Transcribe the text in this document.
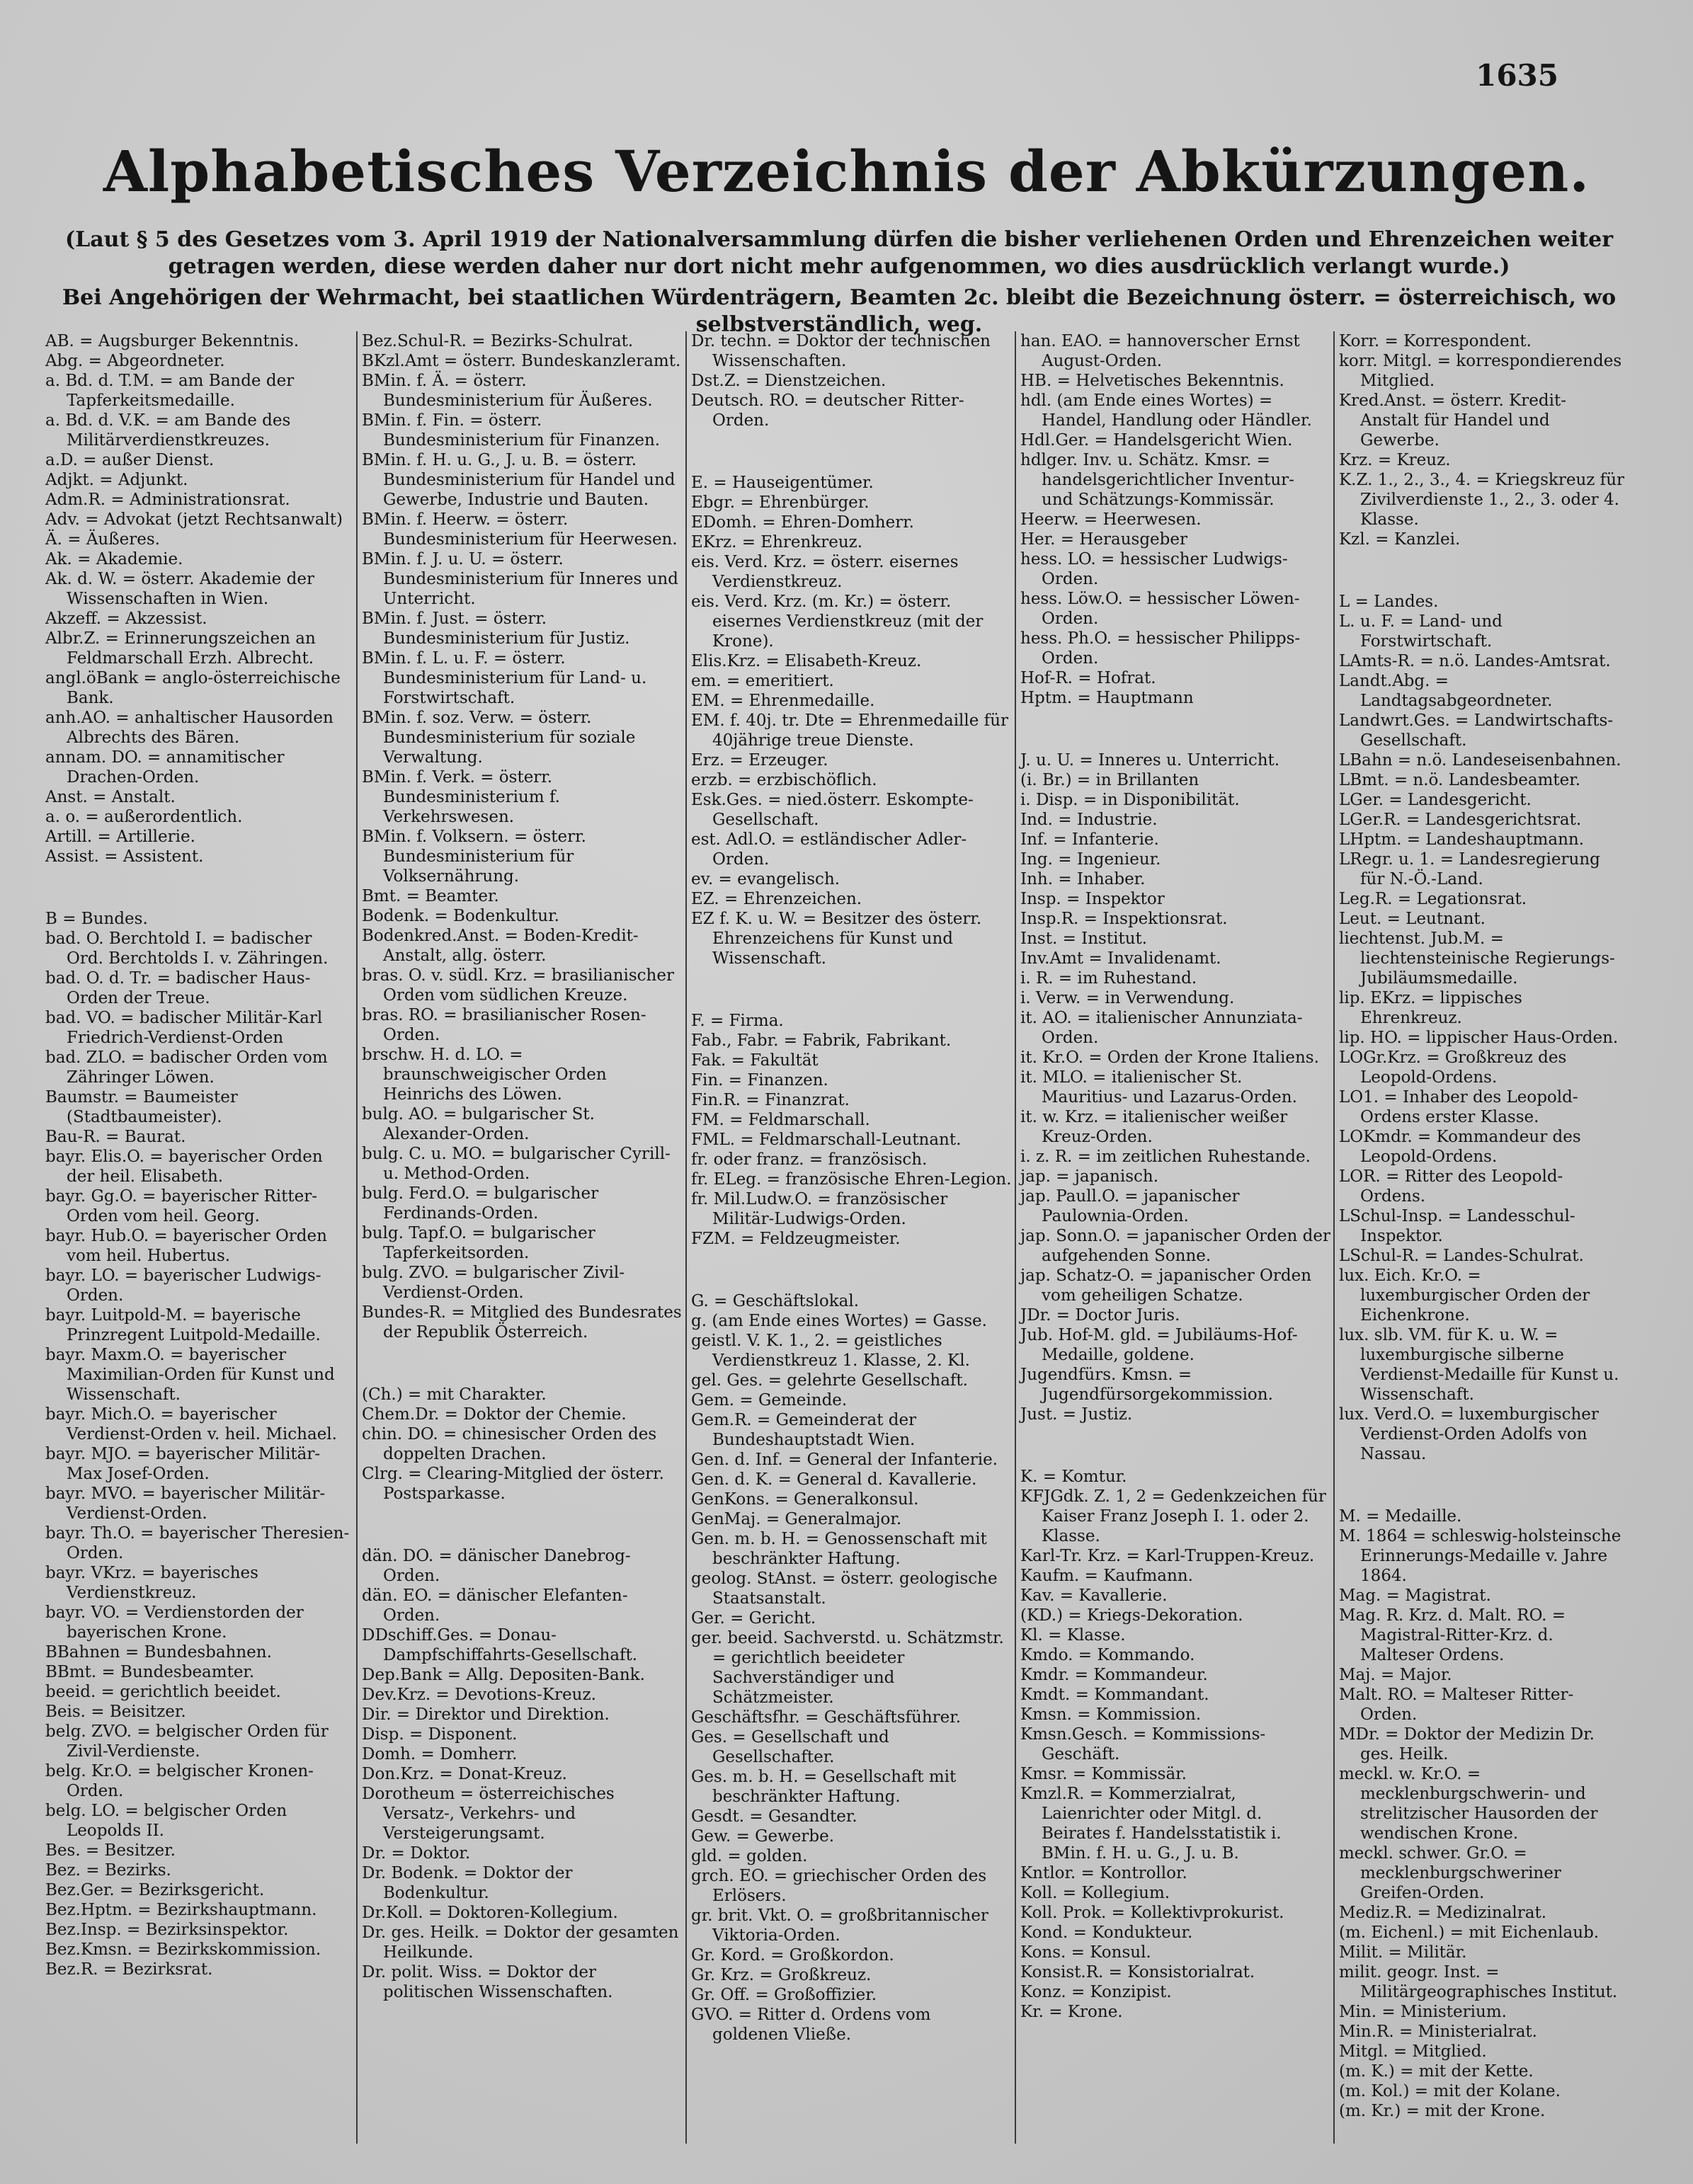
1635
Alphabetisches Verzeichnis der Abkürzungen.

(Laut § 5 des Gesetzes vom 3. April 1919 der Nationalversammlung dürfen die bisher verliehenen Orden und Ehrenzeichen weiter getragen werden, diese werden daher nur dort nicht mehr aufgenommen, wo dies ausdrücklich verlangt wurde.)

Bei Angehörigen der Wehrmacht, bei staatlichen Würdenträgern, Beamten 2c. bleibt die Bezeichnung österr. = österreichisch, wo selbstverständlich, weg.

AB. = Augsburger Bekenntnis.

Abg. = Abgeordneter.

a. Bd. d. T.M. = am Bande der Tapferkeitsmedaille.

a. Bd. d. V.K. = am Bande des Militärverdienstkreuzes.

a.D. = außer Dienst.

Adjkt. = Adjunkt.

Adm.R. = Administrationsrat.

Adv. = Advokat (jetzt Rechtsanwalt)

Ä. = Äußeres.

Ak. = Akademie.

Ak. d. W. = österr. Akademie der Wissenschaften in Wien.

Akzeff. = Akzessist.

Albr.Z. = Erinnerungszeichen an Feldmarschall Erzh. Albrecht.

angl.öBank = anglo-österreichische Bank.

anh.AO. = anhaltischer Hausorden Albrechts des Bären.

annam. DO. = annamitischer Drachen-Orden.

Anst. = Anstalt.

a. o. = außerordentlich.

Artill. = Artillerie.

Assist. = Assistent.

B = Bundes.

bad. O. Berchtold I. = badischer Ord. Berchtolds I. v. Zähringen.

bad. O. d. Tr. = badischer Haus-Orden der Treue.

bad. VO. = badischer Militär-Karl Friedrich-Verdienst-Orden

bad. ZLO. = badischer Orden vom Zähringer Löwen.

Baumstr. = Baumeister (Stadtbaumeister).

Bau-R. = Baurat.

bayr. Elis.O. = bayerischer Orden der heil. Elisabeth.

bayr. Gg.O. = bayerischer Ritter-Orden vom heil. Georg.

bayr. Hub.O. = bayerischer Orden vom heil. Hubertus.

bayr. LO. = bayerischer Ludwigs-Orden.

bayr. Luitpold-M. = bayerische Prinzregent Luitpold-Medaille.

bayr. Maxm.O. = bayerischer Maximilian-Orden für Kunst und Wissenschaft.

bayr. Mich.O. = bayerischer Verdienst-Orden v. heil. Michael.

bayr. MJO. = bayerischer Militär-Max Josef-Orden.

bayr. MVO. = bayerischer Militär-Verdienst-Orden.

bayr. Th.O. = bayerischer Theresien-Orden.

bayr. VKrz. = bayerisches Verdienstkreuz.

bayr. VO. = Verdienstorden der bayerischen Krone.

BBahnen = Bundesbahnen.

BBmt. = Bundesbeamter.

beeid. = gerichtlich beeidet.

Beis. = Beisitzer.

belg. ZVO. = belgischer Orden für Zivil-Verdienste.

belg. Kr.O. = belgischer Kronen-Orden.

belg. LO. = belgischer Orden Leopolds II.

Bes. = Besitzer.

Bez. = Bezirks.

Bez.Ger. = Bezirksgericht.

Bez.Hptm. = Bezirkshauptmann.

Bez.Insp. = Bezirksinspektor.

Bez.Kmsn. = Bezirkskommission.

Bez.R. = Bezirksrat.

Bez.Schul-R. = Bezirks-Schulrat.

BKzl.Amt = österr. Bundeskanzleramt.

BMin. f. Ä. = österr. Bundesministerium für Äußeres.

BMin. f. Fin. = österr. Bundesministerium für Finanzen.

BMin. f. H. u. G., J. u. B. = österr. Bundesministerium für Handel und Gewerbe, Industrie und Bauten.

BMin. f. Heerw. = österr. Bundesministerium für Heerwesen.

BMin. f. J. u. U. = österr. Bundesministerium für Inneres und Unterricht.

BMin. f. Just. = österr. Bundesministerium für Justiz.

BMin. f. L. u. F. = österr. Bundesministerium für Land- u. Forstwirtschaft.

BMin. f. soz. Verw. = österr. Bundesministerium für soziale Verwaltung.

BMin. f. Verk. = österr. Bundesministerium f. Verkehrswesen.

BMin. f. Volksern. = österr. Bundesministerium für Volksernährung.

Bmt. = Beamter.

Bodenk. = Bodenkultur.

Bodenkred.Anst. = Boden-Kredit-Anstalt, allg. österr.

bras. O. v. südl. Krz. = brasilianischer Orden vom südlichen Kreuze.

bras. RO. = brasilianischer Rosen-Orden.

brschw. H. d. LO. = braunschweigischer Orden Heinrichs des Löwen.

bulg. AO. = bulgarischer St. Alexander-Orden.

bulg. C. u. MO. = bulgarischer Cyrill- u. Method-Orden.

bulg. Ferd.O. = bulgarischer Ferdinands-Orden.

bulg. Tapf.O. = bulgarischer Tapferkeitsorden.

bulg. ZVO. = bulgarischer Zivil-Verdienst-Orden.

Bundes-R. = Mitglied des Bundesrates der Republik Österreich.

(Ch.) = mit Charakter.

Chem.Dr. = Doktor der Chemie.

chin. DO. = chinesischer Orden des doppelten Drachen.

Clrg. = Clearing-Mitglied der österr. Postsparkasse.

dän. DO. = dänischer Danebrog-Orden.

dän. EO. = dänischer Elefanten-Orden.

DDschiff.Ges. = Donau-Dampfschiffahrts-Gesellschaft.

Dep.Bank = Allg. Depositen-Bank.

Dev.Krz. = Devotions-Kreuz.

Dir. = Direktor und Direktion.

Disp. = Disponent.

Domh. = Domherr.

Don.Krz. = Donat-Kreuz.

Dorotheum = österreichisches Versatz-, Verkehrs- und Versteigerungsamt.

Dr. = Doktor.

Dr. Bodenk. = Doktor der Bodenkultur.

Dr.Koll. = Doktoren-Kollegium.

Dr. ges. Heilk. = Doktor der gesamten Heilkunde.

Dr. polit. Wiss. = Doktor der politischen Wissenschaften.

Dr. techn. = Doktor der technischen Wissenschaften.

Dst.Z. = Dienstzeichen.

Deutsch. RO. = deutscher Ritter-Orden.

E. = Hauseigentümer.

Ebgr. = Ehrenbürger.

EDomh. = Ehren-Domherr.

EKrz. = Ehrenkreuz.

eis. Verd. Krz. = österr. eisernes Verdienstkreuz.

eis. Verd. Krz. (m. Kr.) = österr. eisernes Verdienstkreuz (mit der Krone).

Elis.Krz. = Elisabeth-Kreuz.

em. = emeritiert.

EM. = Ehrenmedaille.

EM. f. 40j. tr. Dte = Ehrenmedaille für 40jährige treue Dienste.

Erz. = Erzeuger.

erzb. = erzbischöflich.

Esk.Ges. = nied.österr. Eskompte-Gesellschaft.

est. Adl.O. = estländischer Adler-Orden.

ev. = evangelisch.

EZ. = Ehrenzeichen.

EZ f. K. u. W. = Besitzer des österr. Ehrenzeichens für Kunst und Wissenschaft.

F. = Firma.

Fab., Fabr. = Fabrik, Fabrikant.

Fak. = Fakultät

Fin. = Finanzen.

Fin.R. = Finanzrat.

FM. = Feldmarschall.

FML. = Feldmarschall-Leutnant.

fr. oder franz. = französisch.

fr. ELeg. = französische Ehren-Legion.

fr. Mil.Ludw.O. = französischer Militär-Ludwigs-Orden.

FZM. = Feldzeugmeister.

G. = Geschäftslokal.

g. (am Ende eines Wortes) = Gasse.

geistl. V. K. 1., 2. = geistliches Verdienstkreuz 1. Klasse, 2. Kl.

gel. Ges. = gelehrte Gesellschaft.

Gem. = Gemeinde.

Gem.R. = Gemeinderat der Bundeshauptstadt Wien.

Gen. d. Inf. = General der Infanterie.

Gen. d. K. = General d. Kavallerie.

GenKons. = Generalkonsul.

GenMaj. = Generalmajor.

Gen. m. b. H. = Genossenschaft mit beschränkter Haftung.

geolog. StAnst. = österr. geologische Staatsanstalt.

Ger. = Gericht.

ger. beeid. Sachverstd. u. Schätzmstr. = gerichtlich beeideter Sachverständiger und Schätzmeister.

Geschäftsfhr. = Geschäftsführer.

Ges. = Gesellschaft und Gesellschafter.

Ges. m. b. H. = Gesellschaft mit beschränkter Haftung.

Gesdt. = Gesandter.

Gew. = Gewerbe.

gld. = golden.

grch. EO. = griechischer Orden des Erlösers.

gr. brit. Vkt. O. = großbritannischer Viktoria-Orden.

Gr. Kord. = Großkordon.

Gr. Krz. = Großkreuz.

Gr. Off. = Großoffizier.

GVO. = Ritter d. Ordens vom goldenen Vließe.

han. EAO. = hannoverscher Ernst August-Orden.

HB. = Helvetisches Bekenntnis.

hdl. (am Ende eines Wortes) = Handel, Handlung oder Händler.

Hdl.Ger. = Handelsgericht Wien.

hdlger. Inv. u. Schätz. Kmsr. = handelsgerichtlicher Inventur- und Schätzungs-Kommissär.

Heerw. = Heerwesen.

Her. = Herausgeber

hess. LO. = hessischer Ludwigs-Orden.

hess. Löw.O. = hessischer Löwen-Orden.

hess. Ph.O. = hessischer Philipps-Orden.

Hof-R. = Hofrat.

Hptm. = Hauptmann

J. u. U. = Inneres u. Unterricht.

(i. Br.) = in Brillanten

i. Disp. = in Disponibilität.

Ind. = Industrie.

Inf. = Infanterie.

Ing. = Ingenieur.

Inh. = Inhaber.

Insp. = Inspektor

Insp.R. = Inspektionsrat.

Inst. = Institut.

Inv.Amt = Invalidenamt.

i. R. = im Ruhestand.

i. Verw. = in Verwendung.

it. AO. = italienischer Annunziata-Orden.

it. Kr.O. = Orden der Krone Italiens.

it. MLO. = italienischer St. Mauritius- und Lazarus-Orden.

it. w. Krz. = italienischer weißer Kreuz-Orden.

i. z. R. = im zeitlichen Ruhestande.

jap. = japanisch.

jap. Paull.O. = japanischer Paulownia-Orden.

jap. Sonn.O. = japanischer Orden der aufgehenden Sonne.

jap. Schatz-O. = japanischer Orden vom geheiligen Schatze.

JDr. = Doctor Juris.

Jub. Hof-M. gld. = Jubiläums-Hof-Medaille, goldene.

Jugendfürs. Kmsn. = Jugendfürsorgekommission.

Just. = Justiz.

K. = Komtur.

KFJGdk. Z. 1, 2 = Gedenkzeichen für Kaiser Franz Joseph I. 1. oder 2. Klasse.

Karl-Tr. Krz. = Karl-Truppen-Kreuz.

Kaufm. = Kaufmann.

Kav. = Kavallerie.

(KD.) = Kriegs-Dekoration.

Kl. = Klasse.

Kmdo. = Kommando.

Kmdr. = Kommandeur.

Kmdt. = Kommandant.

Kmsn. = Kommission.

Kmsn.Gesch. = Kommissions-Geschäft.

Kmsr. = Kommissär.

Kmzl.R. = Kommerzialrat, Laienrichter oder Mitgl. d. Beirates f. Handelsstatistik i. BMin. f. H. u. G., J. u. B.

Kntlor. = Kontrollor.

Koll. = Kollegium.

Koll. Prok. = Kollektivprokurist.

Kond. = Kondukteur.

Kons. = Konsul.

Konsist.R. = Konsistorialrat.

Konz. = Konzipist.

Kr. = Krone.

Korr. = Korrespondent.

korr. Mitgl. = korrespondierendes Mitglied.

Kred.Anst. = österr. Kredit-Anstalt für Handel und Gewerbe.

Krz. = Kreuz.

K.Z. 1., 2., 3., 4. = Kriegskreuz für Zivilverdienste 1., 2., 3. oder 4. Klasse.

Kzl. = Kanzlei.

L = Landes.

L. u. F. = Land- und Forstwirtschaft.

LAmts-R. = n.ö. Landes-Amtsrat.

Landt.Abg. = Landtagsabgeordneter.

Landwrt.Ges. = Landwirtschafts-Gesellschaft.

LBahn = n.ö. Landeseisenbahnen.

LBmt. = n.ö. Landesbeamter.

LGer. = Landesgericht.

LGer.R. = Landesgerichtsrat.

LHptm. = Landeshauptmann.

LRegr. u. 1. = Landesregierung für N.-Ö.-Land.

Leg.R. = Legationsrat.

Leut. = Leutnant.

liechtenst. Jub.M. = liechtensteinische Regierungs-Jubiläumsmedaille.

lip. EKrz. = lippisches Ehrenkreuz.

lip. HO. = lippischer Haus-Orden.

LOGr.Krz. = Großkreuz des Leopold-Ordens.

LO1. = Inhaber des Leopold-Ordens erster Klasse.

LOKmdr. = Kommandeur des Leopold-Ordens.

LOR. = Ritter des Leopold-Ordens.

LSchul-Insp. = Landesschul-Inspektor.

LSchul-R. = Landes-Schulrat.

lux. Eich. Kr.O. = luxemburgischer Orden der Eichenkrone.

lux. slb. VM. für K. u. W. = luxemburgische silberne Verdienst-Medaille für Kunst u. Wissenschaft.

lux. Verd.O. = luxemburgischer Verdienst-Orden Adolfs von Nassau.

M. = Medaille.

M. 1864 = schleswig-holsteinsche Erinnerungs-Medaille v. Jahre 1864.

Mag. = Magistrat.

Mag. R. Krz. d. Malt. RO. = Magistral-Ritter-Krz. d. Malteser Ordens.

Maj. = Major.

Malt. RO. = Malteser Ritter-Orden.

MDr. = Doktor der Medizin Dr. ges. Heilk.

meckl. w. Kr.O. = mecklenburgschwerin- und strelitzischer Hausorden der wendischen Krone.

meckl. schwer. Gr.O. = mecklenburgschweriner Greifen-Orden.

Mediz.R. = Medizinalrat.

(m. Eichenl.) = mit Eichenlaub.

Milit. = Militär.

milit. geogr. Inst. = Militärgeographisches Institut.

Min. = Ministerium.

Min.R. = Ministerialrat.

Mitgl. = Mitglied.

(m. K.) = mit der Kette.

(m. Kol.) = mit der Kolane.

(m. Kr.) = mit der Krone.
